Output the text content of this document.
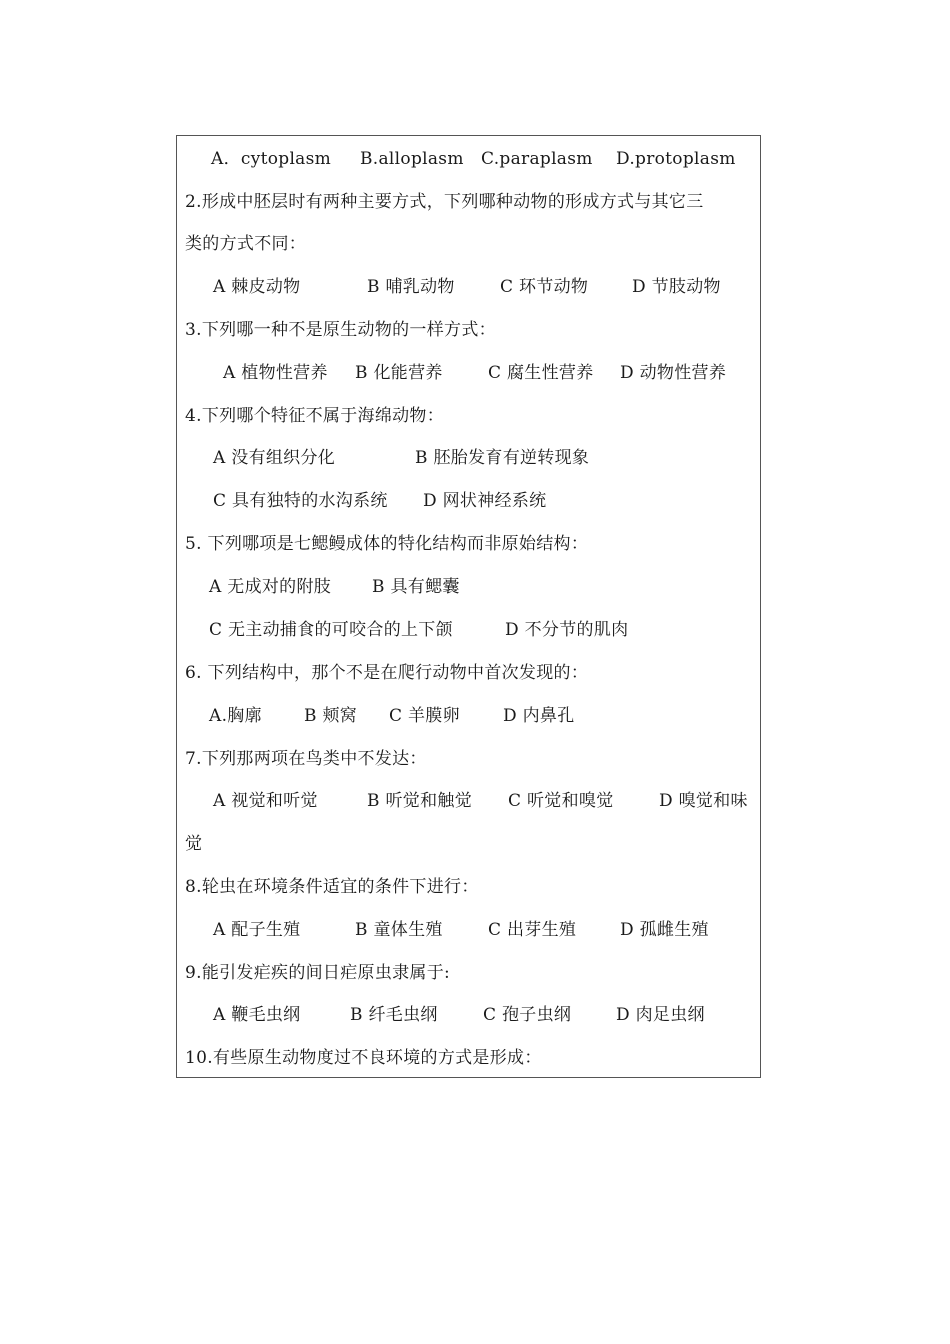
A．cytoplasm B.alloplasm C.paraplasm D.protoplasm
2.形成中胚层时有两种主要方式，下列哪种动物的形成方式与其它三
类的方式不同：
A 棘皮动物	B 哺乳动物	C 环节动物	D 节肢动物
3.下列哪一种不是原生动物的一样方式：
A 植物性营养 B 化能营养	C 腐生性营养 D 动物性营养
4.下列哪个特征不属于海绵动物：
A 没有组织分化	B 胚胎发育有逆转现象
C 具有独特的水沟系统 D 网状神经系统
5. 下列哪项是七鳃鳗成体的特化结构而非原始结构：
A 无成对的附肢 B 具有鳃囊
C 无主动捕食的可咬合的上下颌	D 不分节的肌肉
6. 下列结构中，那个不是在爬行动物中首次发现的：
A.胸廓 B 颊窝 C 羊膜卵	D 内鼻孔
7.下列那两项在鸟类中不发达：
A 视觉和听觉	B 听觉和触觉 C 听觉和嗅觉	D 嗅觉和味
觉
8.轮虫在环境条件适宜的条件下进行：
A 配子生殖	B 童体生殖	C 出芽生殖	D 孤雌生殖
9.能引发疟疾的间日疟原虫隶属于:
A 鞭毛虫纲	B 纤毛虫纲	C 孢子虫纲	D 肉足虫纲
10.有些原生动物度过不良环境的方式是形成：
